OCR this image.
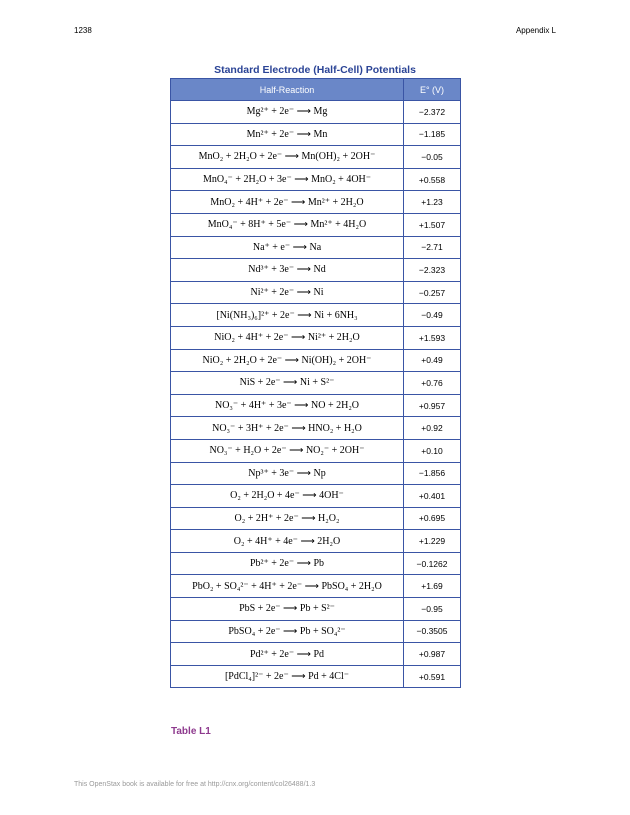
1238	Appendix L
Standard Electrode (Half-Cell) Potentials
Half-Reaction	E° (V)
Mg²⁺ + 2e⁻ ⟶ Mg	−2.372
Mn²⁺ + 2e⁻ ⟶ Mn	−1.185
MnO₂ + 2H₂O + 2e⁻ ⟶ Mn(OH)₂ + 2OH⁻	−0.05
MnO₄⁻ + 2H₂O + 3e⁻ ⟶ MnO₂ + 4OH⁻	+0.558
MnO₂ + 4H⁺ + 2e⁻ ⟶ Mn²⁺ + 2H₂O	+1.23
MnO₄⁻ + 8H⁺ + 5e⁻ ⟶ Mn²⁺ + 4H₂O	+1.507
Na⁺ + e⁻ ⟶ Na	−2.71
Nd³⁺ + 3e⁻ ⟶ Nd	−2.323
Ni²⁺ + 2e⁻ ⟶ Ni	−0.257
[Ni(NH₃)₆]²⁺ + 2e⁻ ⟶ Ni + 6NH₃	−0.49
NiO₂ + 4H⁺ + 2e⁻ ⟶ Ni²⁺ + 2H₂O	+1.593
NiO₂ + 2H₂O + 2e⁻ ⟶ Ni(OH)₂ + 2OH⁻	+0.49
NiS + 2e⁻ ⟶ Ni + S²⁻	+0.76
NO₃⁻ + 4H⁺ + 3e⁻ ⟶ NO + 2H₂O	+0.957
NO₃⁻ + 3H⁺ + 2e⁻ ⟶ HNO₂ + H₂O	+0.92
NO₃⁻ + H₂O + 2e⁻ ⟶ NO₂⁻ + 2OH⁻	+0.10
Np³⁺ + 3e⁻ ⟶ Np	−1.856
O₂ + 2H₂O + 4e⁻ ⟶ 4OH⁻	+0.401
O₂ + 2H⁺ + 2e⁻ ⟶ H₂O₂	+0.695
O₂ + 4H⁺ + 4e⁻ ⟶ 2H₂O	+1.229
Pb²⁺ + 2e⁻ ⟶ Pb	−0.1262
PbO₂ + SO₄²⁻ + 4H⁺ + 2e⁻ ⟶ PbSO₄ + 2H₂O	+1.69
PbS + 2e⁻ ⟶ Pb + S²⁻	−0.95
PbSO₄ + 2e⁻ ⟶ Pb + SO₄²⁻	−0.3505
Pd²⁺ + 2e⁻ ⟶ Pd	+0.987
[PdCl₄]²⁻ + 2e⁻ ⟶ Pd + 4Cl⁻	+0.591
Table L1
This OpenStax book is available for free at http://cnx.org/content/col26488/1.3
